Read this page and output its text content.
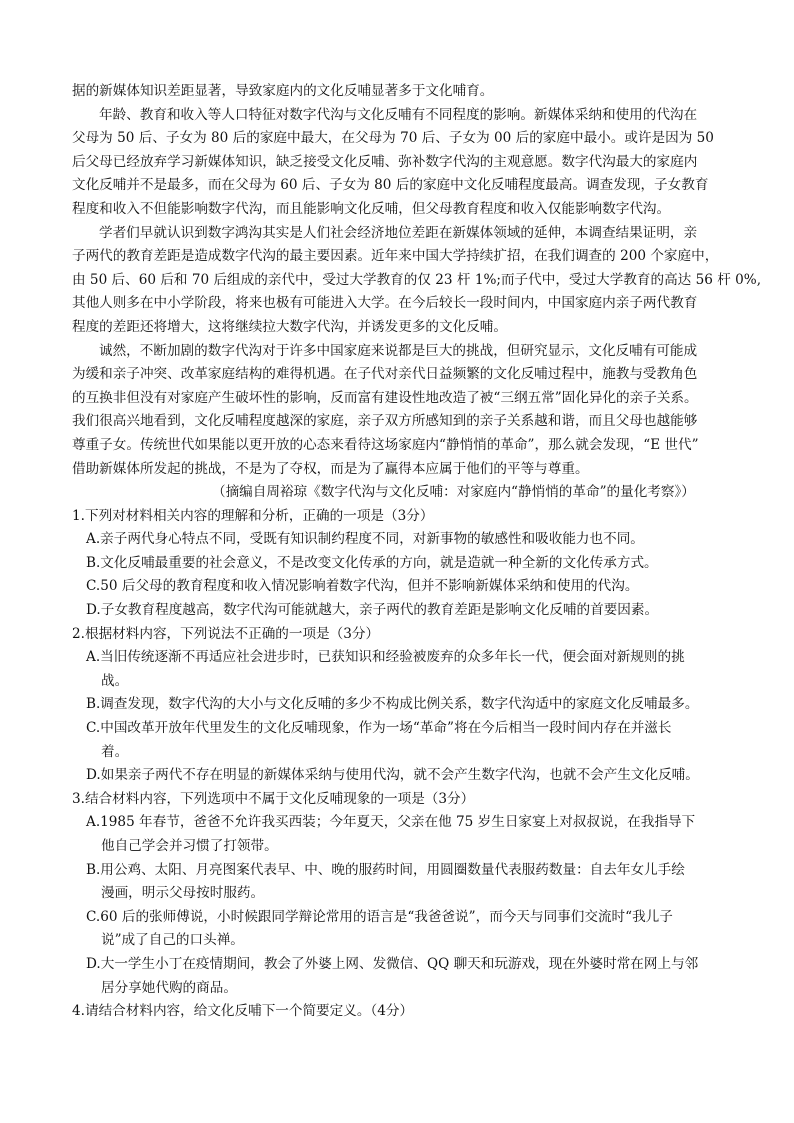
据的新媒体知识差距显著，导致家庭内的文化反哺显著多于文化哺育。

年龄、教育和收入等人口特征对数字代沟与文化反哺有不同程度的影响。新媒体采纳和使用的代沟在

父母为 50 后、子女为 80 后的家庭中最大，在父母为 70 后、子女为 00 后的家庭中最小。或许是因为 50

后父母已经放弃学习新媒体知识，缺乏接受文化反哺、弥补数字代沟的主观意愿。数字代沟最大的家庭内

文化反哺并不是最多，而在父母为 60 后、子女为 80 后的家庭中文化反哺程度最高。调查发现，子女教育

程度和收入不但能影响数字代沟，而且能影响文化反哺，但父母教育程度和收入仅能影响数字代沟。

学者们早就认识到数字鸿沟其实是人们社会经济地位差距在新媒体领域的延伸，本调查结果证明，亲

子两代的教育差距是造成数字代沟的最主要因素。近年来中国大学持续扩招，在我们调查的 200 个家庭中，

由 50 后、60 后和 70 后组成的亲代中，受过大学教育的仅 23 杆 1%;而子代中，受过大学教育的高达 56 杆 0%,

其他人则多在中小学阶段，将来也极有可能进入大学。在今后较长一段时间内，中国家庭内亲子两代教育

程度的差距还将增大，这将继续拉大数字代沟，并诱发更多的文化反哺。

诚然，不断加剧的数字代沟对于许多中国家庭来说都是巨大的挑战，但研究显示，文化反哺有可能成

为缓和亲子冲突、改革家庭结构的难得机遇。在子代对亲代日益频繁的文化反哺过程中，施教与受教角色

的互换非但没有对家庭产生破坏性的影响，反而富有建设性地改造了被“三纲五常”固化异化的亲子关系。

我们很高兴地看到，文化反哺程度越深的家庭，亲子双方所感知到的亲子关系越和谐，而且父母也越能够

尊重子女。传统世代如果能以更开放的心态来看待这场家庭内“静悄悄的革命”，那么就会发现，“E 世代”

借助新媒体所发起的挑战，不是为了夺权，而是为了赢得本应属于他们的平等与尊重。

（摘编自周裕琼《数字代沟与文化反哺：对家庭内“静悄悄的革命”的量化考察》）

1.下列对材料相关内容的理解和分析，正确的一项是（3分）

A.亲子两代身心特点不同，受既有知识制约程度不同，对新事物的敏感性和吸收能力也不同。

B.文化反哺最重要的社会意义，不是改变文化传承的方向，就是造就一种全新的文化传承方式。

C.50 后父母的教育程度和收入情况影响着数字代沟，但并不影响新媒体采纳和使用的代沟。

D.子女教育程度越高，数字代沟可能就越大，亲子两代的教育差距是影响文化反哺的首要因素。

2.根据材料内容，下列说法不正确的一项是（3分）

A.当旧传统逐渐不再适应社会进步时，已获知识和经验被废弃的众多年长一代，便会面对新规则的挑

战。

B.调查发现，数字代沟的大小与文化反哺的多少不构成比例关系，数字代沟适中的家庭文化反哺最多。

C.中国改革开放年代里发生的文化反哺现象，作为一场“革命”将在今后相当一段时间内存在并滋长

着。

D.如果亲子两代不存在明显的新媒体采纳与使用代沟，就不会产生数字代沟，也就不会产生文化反哺。

3.结合材料内容，下列选项中不属于文化反哺现象的一项是（3分）

A.1985 年春节，爸爸不允许我买西装；今年夏天，父亲在他 75 岁生日家宴上对叔叔说，在我指导下

他自己学会并习惯了打领带。

B.用公鸡、太阳、月亮图案代表早、中、晚的服药时间，用圆圈数量代表服药数量：自去年女儿手绘

漫画，明示父母按时服药。

C.60 后的张师傅说，小时候跟同学辩论常用的语言是“我爸爸说”，而今天与同事们交流时“我儿子

说”成了自己的口头禅。

D.大一学生小丁在疫情期间，教会了外婆上网、发微信、QQ 聊天和玩游戏，现在外婆时常在网上与邻

居分享她代购的商品。

4.请结合材料内容，给文化反哺下一个简要定义。（4分）
